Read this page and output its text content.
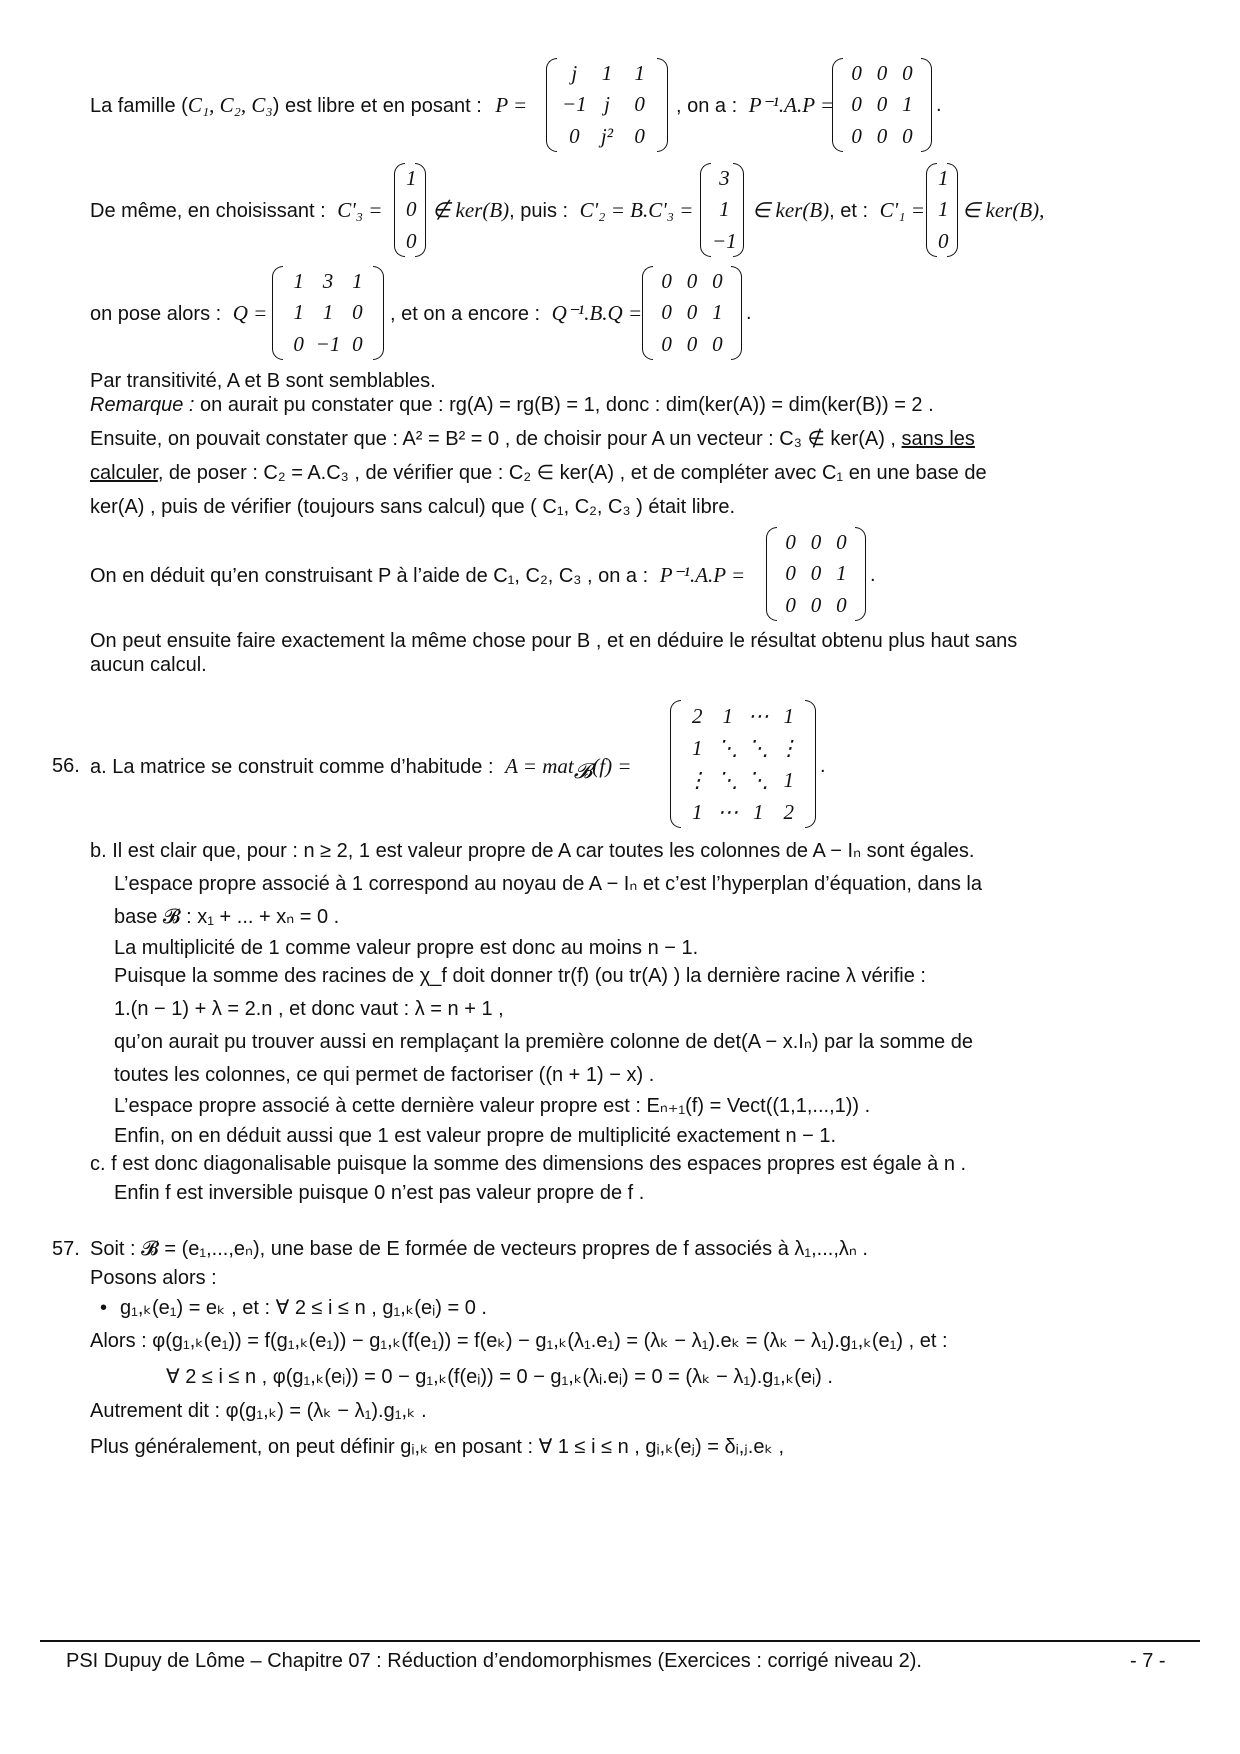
La famille (C₁, C₂, C₃) est libre et en posant : P =
j 1 1
−1 j 0
0 j² 0
, on a : P⁻¹.A.P =
0 0 0
0 0 1
0 0 0
.
De même, en choisissant : C'₃ =
1
0
0
∉ ker(B), puis : C'₂ = B.C'₃ =
3
1
−1
∈ ker(B), et : C'₁ =
1
1
0
∈ ker(B),
on pose alors : Q =
1 3 1
1 1 0
0 −1 0
, et on a encore : Q⁻¹.B.Q =
0 0 0
0 0 1
0 0 0
.
Par transitivité, A et B sont semblables.
Remarque : on aurait pu constater que : rg(A) = rg(B) = 1, donc : dim(ker(A)) = dim(ker(B)) = 2 .
Ensuite, on pouvait constater que : A² = B² = 0 , de choisir pour A un vecteur : C₃ ∉ ker(A) , sans les
calculer, de poser : C₂ = A.C₃ , de vérifier que : C₂ ∈ ker(A) , et de compléter avec C₁ en une base de
ker(A) , puis de vérifier (toujours sans calcul) que ( C₁, C₂, C₃ ) était libre.
On en déduit qu’en construisant P à l’aide de C₁, C₂, C₃ , on a : P⁻¹.A.P =
0 0 0
0 0 1
0 0 0
.
On peut ensuite faire exactement la même chose pour B , et en déduire le résultat obtenu plus haut sans
aucun calcul.
56. a. La matrice se construit comme d’habitude : A = mat$_𝓑$(f) =
2 1 ⋯ 1
1 ⋱ ⋱ ⋮
⋮ ⋱ ⋱ 1
1 ⋯ 1 2
.
b. Il est clair que, pour : n ≥ 2, 1 est valeur propre de A car toutes les colonnes de A − Iₙ sont égales.
L’espace propre associé à 1 correspond au noyau de A − Iₙ et c’est l’hyperplan d’équation, dans la
base 𝓑 : x₁ + ... + xₙ = 0 .
La multiplicité de 1 comme valeur propre est donc au moins n − 1.
Puisque la somme des racines de χ_f doit donner tr(f) (ou tr(A) ) la dernière racine λ vérifie :
1.(n − 1) + λ = 2.n , et donc vaut : λ = n + 1 ,
qu’on aurait pu trouver aussi en remplaçant la première colonne de det(A − x.Iₙ) par la somme de
toutes les colonnes, ce qui permet de factoriser ((n + 1) − x) .
L’espace propre associé à cette dernière valeur propre est : Eₙ₊₁(f) = Vect((1,1,...,1)) .
Enfin, on en déduit aussi que 1 est valeur propre de multiplicité exactement n − 1.
c. f est donc diagonalisable puisque la somme des dimensions des espaces propres est égale à n .
Enfin f est inversible puisque 0 n’est pas valeur propre de f .
57. Soit : 𝓑 = (e₁,...,eₙ), une base de E formée de vecteurs propres de f associés à λ₁,...,λₙ .
Posons alors :
• g₁,ₖ(e₁) = eₖ , et : ∀ 2 ≤ i ≤ n , g₁,ₖ(eᵢ) = 0 .
Alors : φ(g₁,ₖ(e₁)) = f(g₁,ₖ(e₁)) − g₁,ₖ(f(e₁)) = f(eₖ) − g₁,ₖ(λ₁.e₁) = (λₖ − λ₁).eₖ = (λₖ − λ₁).g₁,ₖ(e₁) , et :
∀ 2 ≤ i ≤ n , φ(g₁,ₖ(eᵢ)) = 0 − g₁,ₖ(f(eᵢ)) = 0 − g₁,ₖ(λᵢ.eᵢ) = 0 = (λₖ − λ₁).g₁,ₖ(eᵢ) .
Autrement dit : φ(g₁,ₖ) = (λₖ − λ₁).g₁,ₖ .
Plus généralement, on peut définir gᵢ,ₖ en posant : ∀ 1 ≤ i ≤ n , gᵢ,ₖ(eⱼ) = δᵢ,ⱼ.eₖ ,
PSI Dupuy de Lôme – Chapitre 07 : Réduction d’endomorphismes (Exercices : corrigé niveau 2).	- 7 -
